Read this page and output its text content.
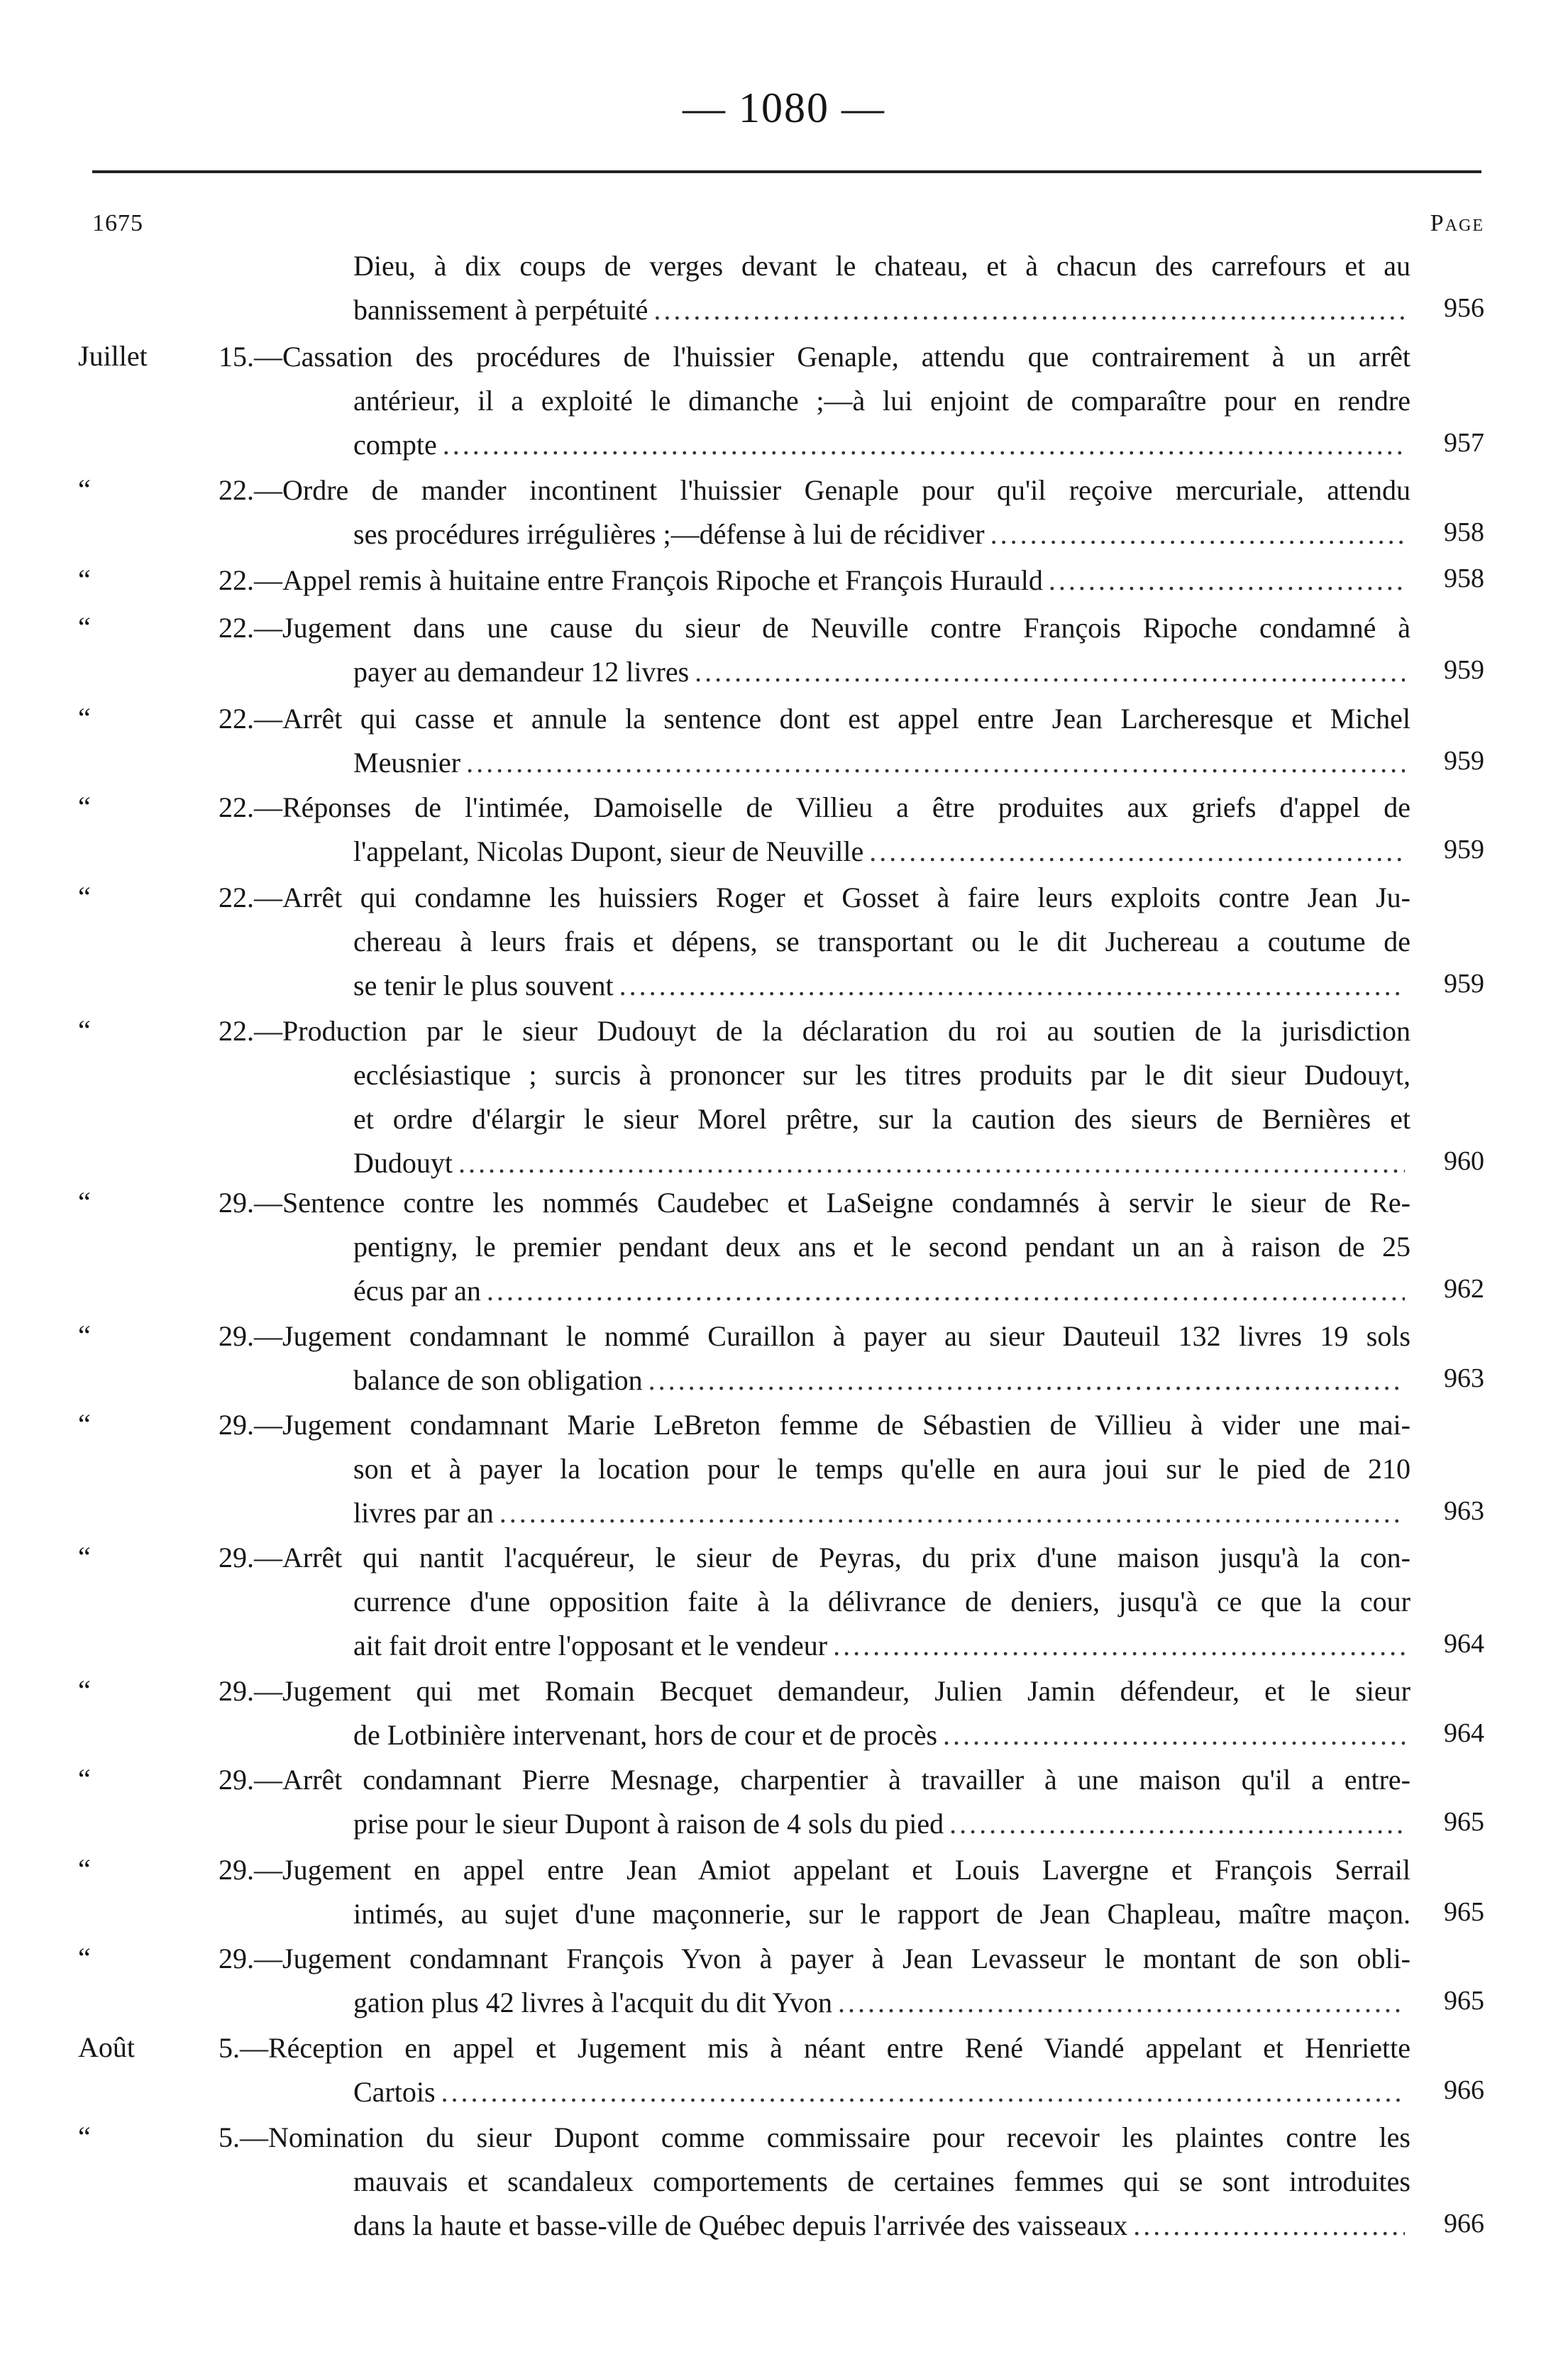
— 1080 —
1675	Page
Dieu, à dix coups de verges devant le chateau, et à chacun des carrefours et au
bannissement à perpétuité .....	956
Juillet	15.—Cassation des procédures de l'huissier Genaple, attendu que contrairement à un arrêt
antérieur, il a exploité le dimanche ;—à lui enjoint de comparaître pour en rendre
compte .....	957
“	22.—Ordre de mander incontinent l'huissier Genaple pour qu'il reçoive mercuriale, attendu
ses procédures irrégulières ;—défense à lui de récidiver .....	958
“	22.—Appel remis à huitaine entre François Ripoche et François Hurauld .....	958
“	22.—Jugement dans une cause du sieur de Neuville contre François Ripoche condamné à
payer au demandeur 12 livres .....	959
“	22.—Arrêt qui casse et annule la sentence dont est appel entre Jean Larcheresque et Michel
Meusnier .....	959
“	22.—Réponses de l'intimée, Damoiselle de Villieu a être produites aux griefs d'appel de
l'appelant, Nicolas Dupont, sieur de Neuville .....	959
“	22.—Arrêt qui condamne les huissiers Roger et Gosset à faire leurs exploits contre Jean Ju-
chereau à leurs frais et dépens, se transportant ou le dit Juchereau a coutume de
se tenir le plus souvent .....	959
“	22.—Production par le sieur Dudouyt de la déclaration du roi au soutien de la jurisdiction
ecclésiastique ; surcis à prononcer sur les titres produits par le dit sieur Dudouyt,
et ordre d'élargir le sieur Morel prêtre, sur la caution des sieurs de Bernières et
Dudouyt .....	960
“	29.—Sentence contre les nommés Caudebec et LaSeigne condamnés à servir le sieur de Re-
pentigny, le premier pendant deux ans et le second pendant un an à raison de 25
écus par an .....	962
“	29.—Jugement condamnant le nommé Curaillon à payer au sieur Dauteuil 132 livres 19 sols
balance de son obligation .....	963
“	29.—Jugement condamnant Marie LeBreton femme de Sébastien de Villieu à vider une mai-
son et à payer la location pour le temps qu'elle en aura joui sur le pied de 210
livres par an .....	963
“	29.—Arrêt qui nantit l'acquéreur, le sieur de Peyras, du prix d'une maison jusqu'à la con-
currence d'une opposition faite à la délivrance de deniers, jusqu'à ce que la cour
ait fait droit entre l'opposant et le vendeur .....	964
“	29.—Jugement qui met Romain Becquet demandeur, Julien Jamin défendeur, et le sieur
de Lotbinière intervenant, hors de cour et de procès .....	964
“	29.—Arrêt condamnant Pierre Mesnage, charpentier à travailler à une maison qu'il a entre-
prise pour le sieur Dupont à raison de 4 sols du pied .....	965
“	29.—Jugement en appel entre Jean Amiot appelant et Louis Lavergne et François Serrail
intimés, au sujet d'une maçonnerie, sur le rapport de Jean Chapleau, maître maçon.	965
“	29.—Jugement condamnant François Yvon à payer à Jean Levasseur le montant de son obli-
gation plus 42 livres à l'acquit du dit Yvon .....	965
Août	5.—Réception en appel et Jugement mis à néant entre René Viandé appelant et Henriette
Cartois .....	966
“	5.—Nomination du sieur Dupont comme commissaire pour recevoir les plaintes contre les
mauvais et scandaleux comportements de certaines femmes qui se sont introduites
dans la haute et basse-ville de Québec depuis l'arrivée des vaisseaux .....	966
